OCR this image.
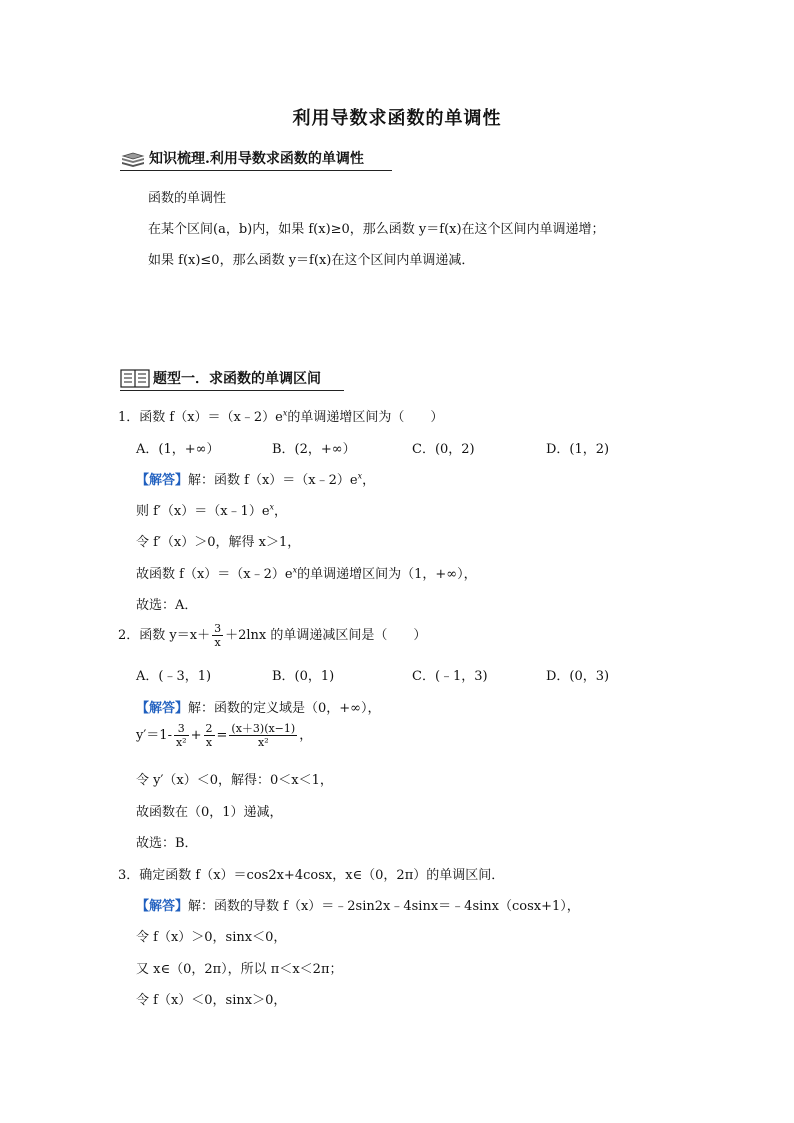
利用导数求函数的单调性
知识梳理.利用导数求函数的单调性
函数的单调性
在某个区间(a，b)内，如果 f(x)≥0，那么函数 y＝f(x)在这个区间内单调递增；
如果 f(x)≤0，那么函数 y＝f(x)在这个区间内单调递减．
题型一．求函数的单调区间
1．函数 $f(x)=(x﹣2)e^x$的单调递增区间为（　　）
A．(1，+∞）	B．(2，+∞）	C．(0，2)	D．(1，2)
【解答】解：函数 $f(x)=(x﹣2)e^x$，
则 $f'(x)=(x﹣1)e^x$，
令 f′（x）＞0，解得 x＞1，
故函数 $f(x)=(x﹣2)e^x$的单调递增区间为（1，+∞），
故选：A．
2．函数 $y=x+ \frac{3}{x} +2\ln x$ 的单调递减区间是（　　）
A．(﹣3，1)	B．(0，1)	C．(﹣1，3)	D．(0，3)
【解答】解：函数的定义域是（0，+∞），
$y'=1- \frac{3}{\text{x²}} + \frac{2}{x} = \frac{(x+3)(x-1)}{\text{x²}}$ ，
令 y′（x）＜0，解得：0＜x＜1，
故函数在（0，1）递减，
故选：B．
3．确定函数 f（x）＝cos2x+4cosx，x∈（0，2π）的单调区间．
【解答】解：函数的导数 f（x）＝﹣2sin2x﹣4sinx＝﹣4sinx（cosx+1），
令 f（x）＞0，sinx＜0，
又 x∈（0，2π），所以 π＜x＜2π；
令 f（x）＜0，sinx＞0，
